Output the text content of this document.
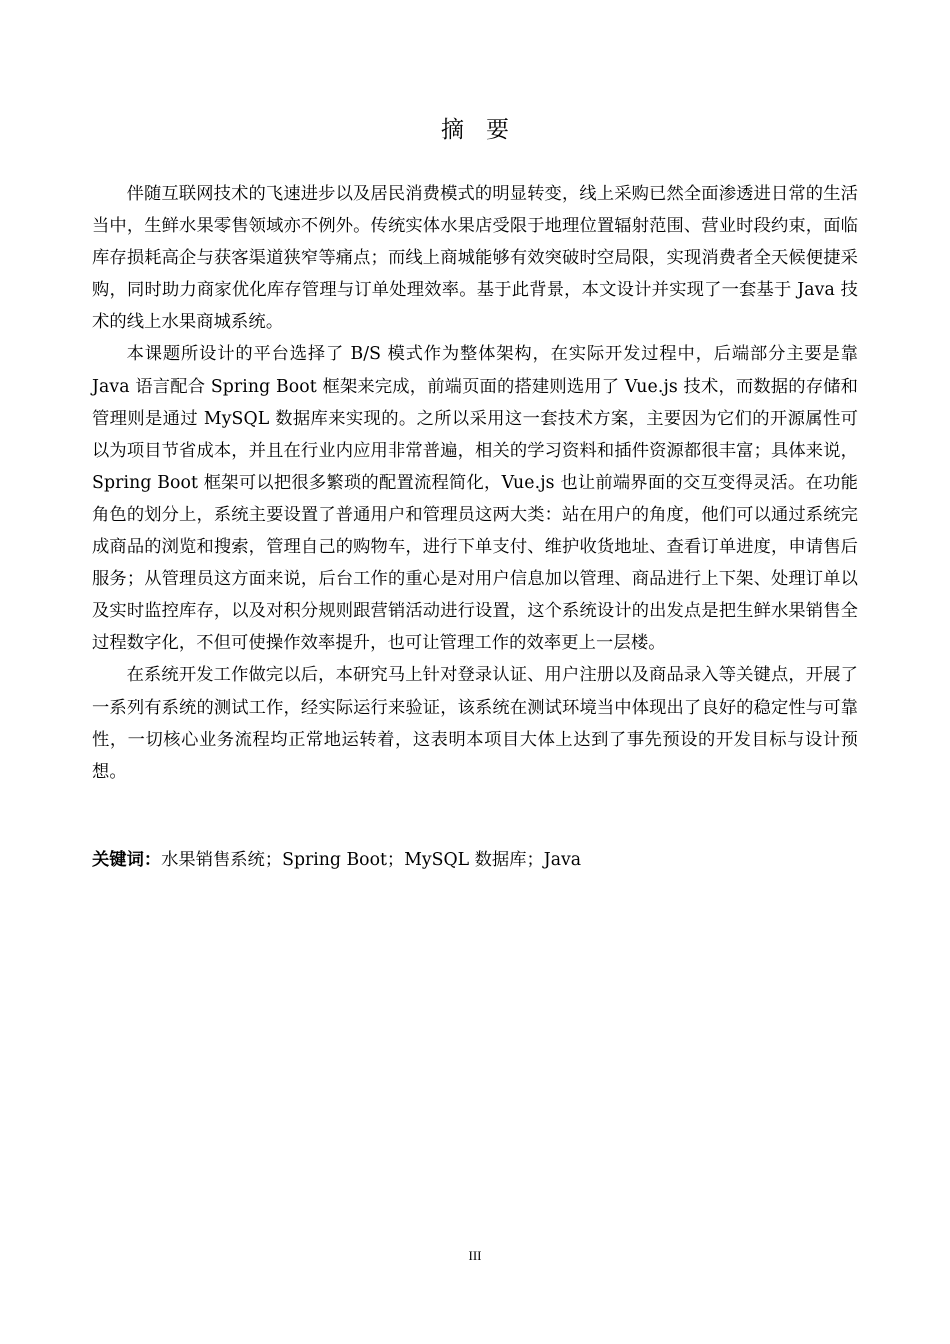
摘要

伴随互联网技术的飞速进步以及居民消费模式的明显转变，线上采购已然全面渗透进日常的生活当中，生鲜水果零售领域亦不例外。传统实体水果店受限于地理位置辐射范围、营业时段约束，面临库存损耗高企与获客渠道狭窄等痛点；而线上商城能够有效突破时空局限，实现消费者全天候便捷采购，同时助力商家优化库存管理与订单处理效率。基于此背景，本文设计并实现了一套基于 Java 技术的线上水果商城系统。

本课题所设计的平台选择了 B/S 模式作为整体架构，在实际开发过程中，后端部分主要是靠 Java 语言配合 Spring Boot 框架来完成，前端页面的搭建则选用了 Vue.js 技术，而数据的存储和管理则是通过 MySQL 数据库来实现的。之所以采用这一套技术方案，主要因为它们的开源属性可以为项目节省成本，并且在行业内应用非常普遍，相关的学习资料和插件资源都很丰富；具体来说，Spring Boot 框架可以把很多繁琐的配置流程简化，Vue.js 也让前端界面的交互变得灵活。在功能角色的划分上，系统主要设置了普通用户和管理员这两大类：站在用户的角度，他们可以通过系统完成商品的浏览和搜索，管理自己的购物车，进行下单支付、维护收货地址、查看订单进度，申请售后服务；从管理员这方面来说，后台工作的重心是对用户信息加以管理、商品进行上下架、处理订单以及实时监控库存，以及对积分规则跟营销活动进行设置，这个系统设计的出发点是把生鲜水果销售全过程数字化，不但可使操作效率提升，也可让管理工作的效率更上一层楼。

在系统开发工作做完以后，本研究马上针对登录认证、用户注册以及商品录入等关键点，开展了一系列有系统的测试工作，经实际运行来验证，该系统在测试环境当中体现出了良好的稳定性与可靠性，一切核心业务流程均正常地运转着，这表明本项目大体上达到了事先预设的开发目标与设计预想。

关键词：水果销售系统；Spring Boot；MySQL 数据库；Java
III
